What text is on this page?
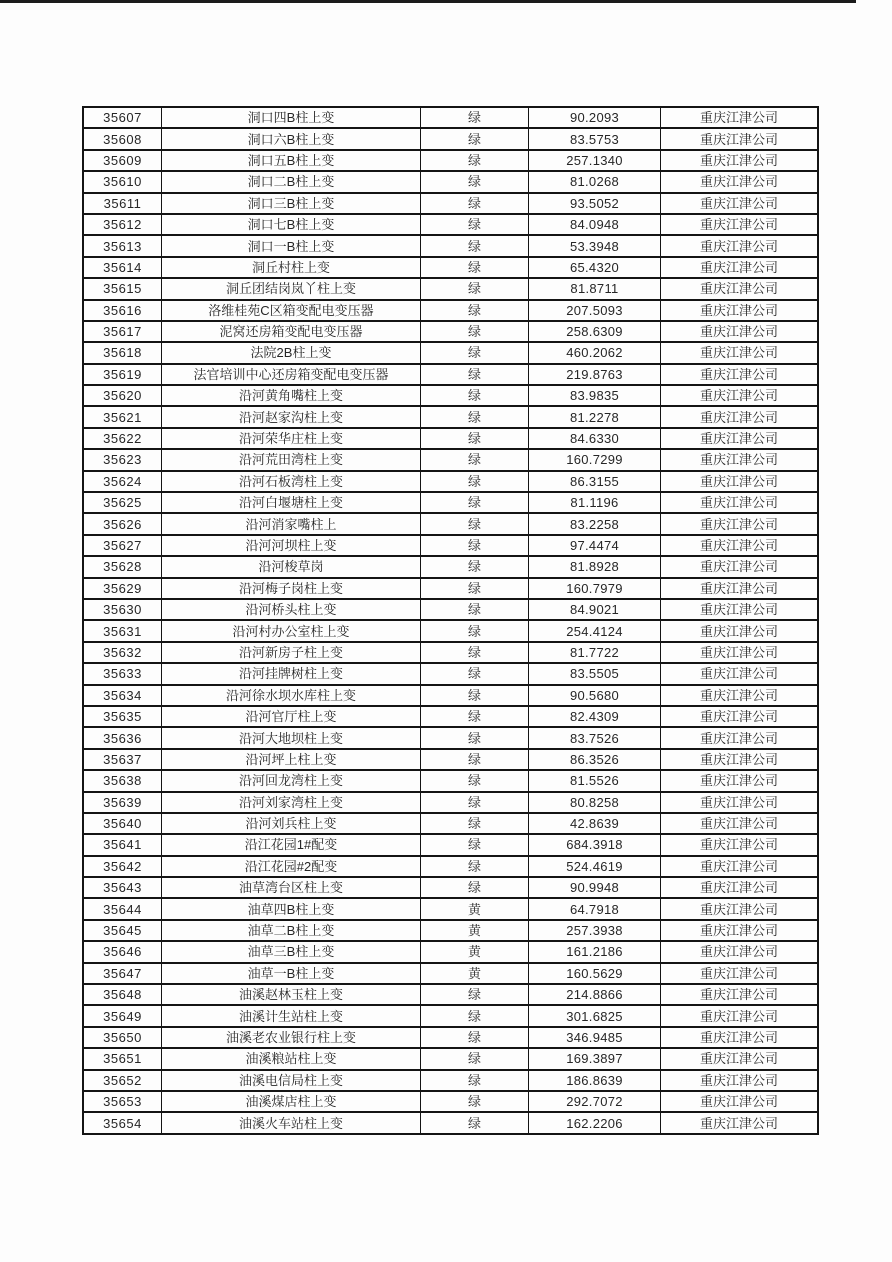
35607	洞口四B柱上变	绿	90.2093	重庆江津公司
35608	洞口六B柱上变	绿	83.5753	重庆江津公司
35609	洞口五B柱上变	绿	257.1340	重庆江津公司
35610	洞口二B柱上变	绿	81.0268	重庆江津公司
35611	洞口三B柱上变	绿	93.5052	重庆江津公司
35612	洞口七B柱上变	绿	84.0948	重庆江津公司
35613	洞口一B柱上变	绿	53.3948	重庆江津公司
35614	洞丘村柱上变	绿	65.4320	重庆江津公司
35615	洞丘团结岗岚丫柱上变	绿	81.8711	重庆江津公司
35616	洛维桂苑C区箱变配电变压器	绿	207.5093	重庆江津公司
35617	泥窝还房箱变配电变压器	绿	258.6309	重庆江津公司
35618	法院2B柱上变	绿	460.2062	重庆江津公司
35619	法官培训中心还房箱变配电变压器	绿	219.8763	重庆江津公司
35620	沿河黄角嘴柱上变	绿	83.9835	重庆江津公司
35621	沿河赵家沟柱上变	绿	81.2278	重庆江津公司
35622	沿河荣华庄柱上变	绿	84.6330	重庆江津公司
35623	沿河荒田湾柱上变	绿	160.7299	重庆江津公司
35624	沿河石板湾柱上变	绿	86.3155	重庆江津公司
35625	沿河白堰塘柱上变	绿	81.1196	重庆江津公司
35626	沿河消家嘴柱上	绿	83.2258	重庆江津公司
35627	沿河河坝柱上变	绿	97.4474	重庆江津公司
35628	沿河梭草岗	绿	81.8928	重庆江津公司
35629	沿河梅子岗柱上变	绿	160.7979	重庆江津公司
35630	沿河桥头柱上变	绿	84.9021	重庆江津公司
35631	沿河村办公室柱上变	绿	254.4124	重庆江津公司
35632	沿河新房子柱上变	绿	81.7722	重庆江津公司
35633	沿河挂牌树柱上变	绿	83.5505	重庆江津公司
35634	沿河徐水坝水库柱上变	绿	90.5680	重庆江津公司
35635	沿河官厅柱上变	绿	82.4309	重庆江津公司
35636	沿河大地坝柱上变	绿	83.7526	重庆江津公司
35637	沿河坪上柱上变	绿	86.3526	重庆江津公司
35638	沿河回龙湾柱上变	绿	81.5526	重庆江津公司
35639	沿河刘家湾柱上变	绿	80.8258	重庆江津公司
35640	沿河刘兵柱上变	绿	42.8639	重庆江津公司
35641	沿江花园1#配变	绿	684.3918	重庆江津公司
35642	沿江花园#2配变	绿	524.4619	重庆江津公司
35643	油草湾台区柱上变	绿	90.9948	重庆江津公司
35644	油草四B柱上变	黄	64.7918	重庆江津公司
35645	油草二B柱上变	黄	257.3938	重庆江津公司
35646	油草三B柱上变	黄	161.2186	重庆江津公司
35647	油草一B柱上变	黄	160.5629	重庆江津公司
35648	油溪赵林玉柱上变	绿	214.8866	重庆江津公司
35649	油溪计生站柱上变	绿	301.6825	重庆江津公司
35650	油溪老农业银行柱上变	绿	346.9485	重庆江津公司
35651	油溪粮站柱上变	绿	169.3897	重庆江津公司
35652	油溪电信局柱上变	绿	186.8639	重庆江津公司
35653	油溪煤店柱上变	绿	292.7072	重庆江津公司
35654	油溪火车站柱上变	绿	162.2206	重庆江津公司
